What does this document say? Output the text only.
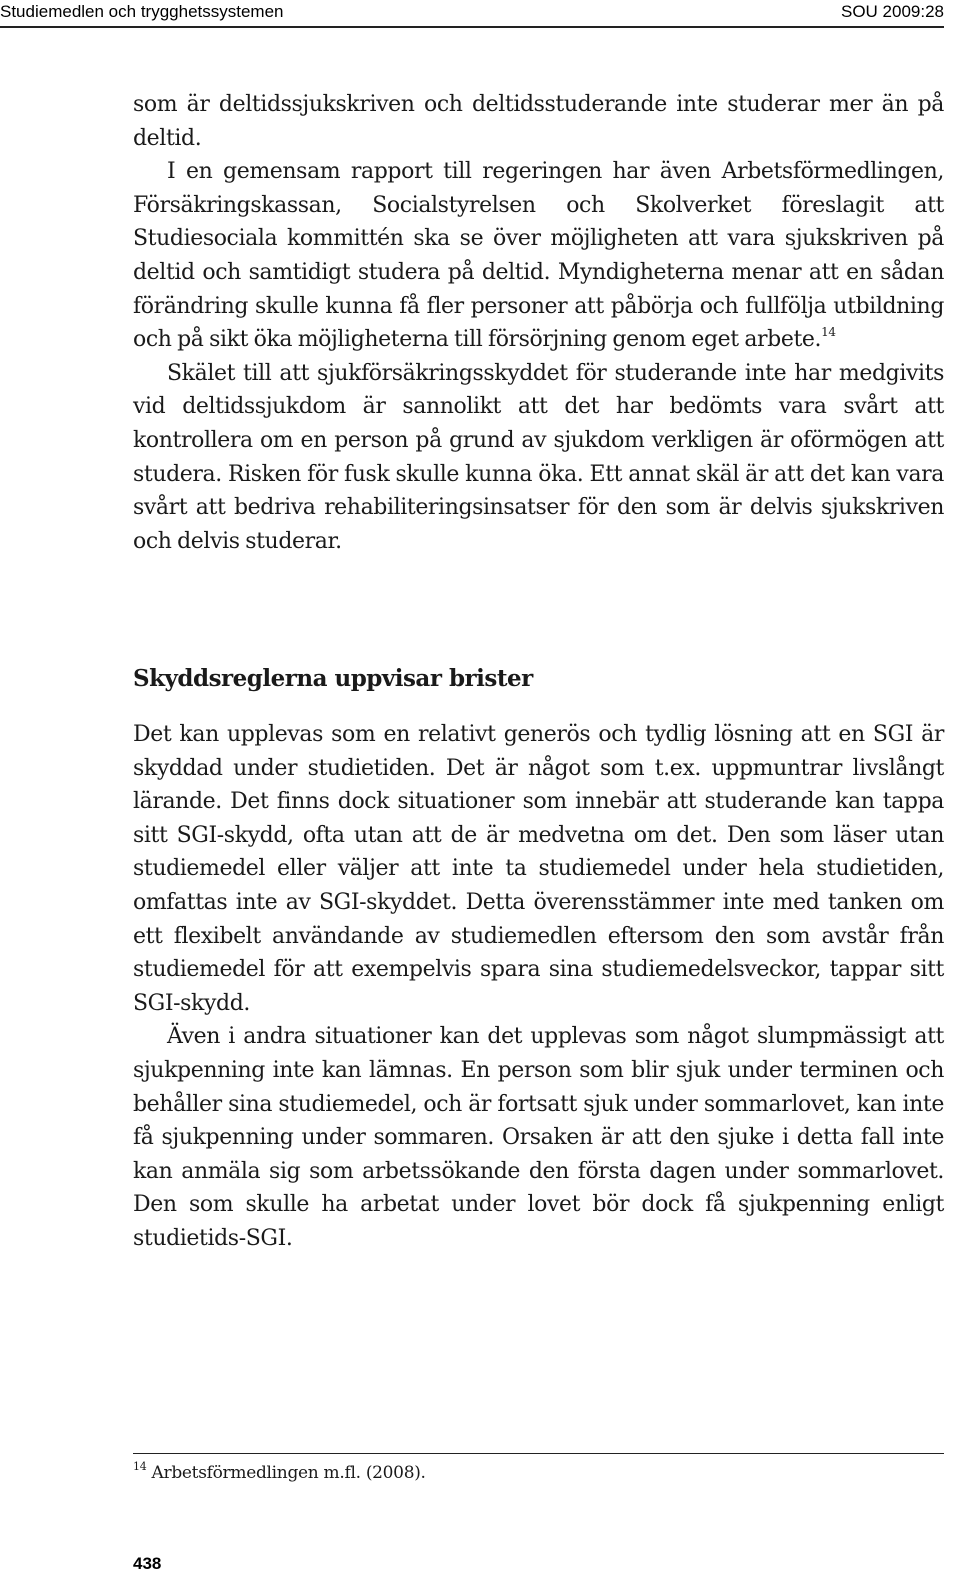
Studiemedlen och trygghetssystemen	SOU 2009:28

som är deltidssjukskriven och deltidsstuderande inte studerar mer än på deltid.

I en gemensam rapport till regeringen har även Arbetsförmedlingen, Försäkringskassan, Socialstyrelsen och Skolverket föreslagit att Studiesociala kommittén ska se över möjligheten att vara sjukskriven på deltid och samtidigt studera på deltid. Myndigheterna menar att en sådan förändring skulle kunna få fler personer att påbörja och fullfölja utbildning och på sikt öka möjligheterna till försörjning genom eget arbete.$^{14}$

Skälet till att sjukförsäkringsskyddet för studerande inte har medgivits vid deltidssjukdom är sannolikt att det har bedömts vara svårt att kontrollera om en person på grund av sjukdom verkligen är oförmögen att studera. Risken för fusk skulle kunna öka. Ett annat skäl är att det kan vara svårt att bedriva rehabiliteringsinsatser för den som är delvis sjukskriven och delvis studerar.

Skyddsreglerna uppvisar brister

Det kan upplevas som en relativt generös och tydlig lösning att en SGI är skyddad under studietiden. Det är något som t.ex. uppmuntrar livslångt lärande. Det finns dock situationer som innebär att studerande kan tappa sitt SGI-skydd, ofta utan att de är medvetna om det. Den som läser utan studiemedel eller väljer att inte ta studiemedel under hela studietiden, omfattas inte av SGI-skyddet. Detta överensstämmer inte med tanken om ett flexibelt användande av studiemedlen eftersom den som avstår från studiemedel för att exempelvis spara sina studiemedelsveckor, tappar sitt SGI-skydd.

Även i andra situationer kan det upplevas som något slumpmässigt att sjukpenning inte kan lämnas. En person som blir sjuk under terminen och behåller sina studiemedel, och är fortsatt sjuk under sommarlovet, kan inte få sjukpenning under sommaren. Orsaken är att den sjuke i detta fall inte kan anmäla sig som arbetssökande den första dagen under sommarlovet. Den som skulle ha arbetat under lovet bör dock få sjukpenning enligt studietids-SGI.

$^{14}$ Arbetsförmedlingen m.fl. (2008).
438
